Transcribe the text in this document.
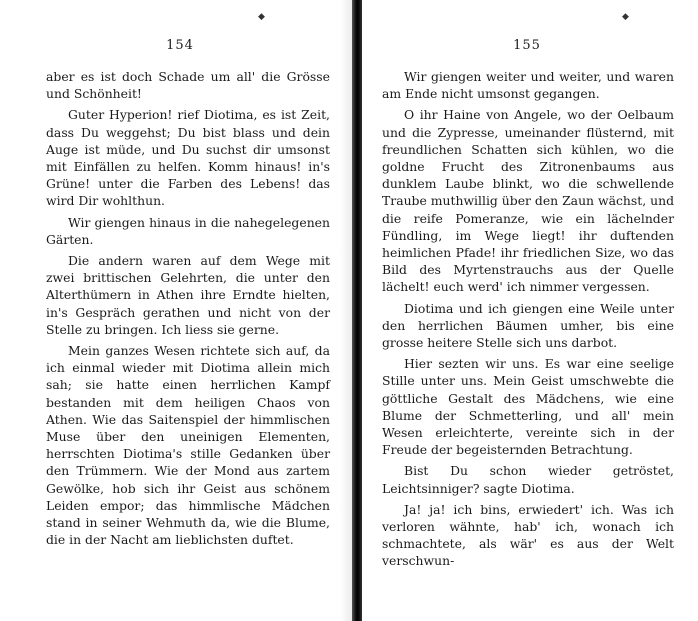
◆
154

aber es ist doch Schade um all' die Grösse und Schönheit!

Guter Hyperion! rief Diotima, es ist Zeit, dass Du weggehst; Du bist blass und dein Auge ist müde, und Du suchst dir umsonst mit Einfällen zu helfen. Komm hinaus! in's Grüne! unter die Farben des Lebens! das wird Dir wohlthun.

Wir giengen hinaus in die nahegelegenen Gärten.

Die andern waren auf dem Wege mit zwei brittischen Gelehrten, die unter den Alterthümern in Athen ihre Erndte hielten, in's Gespräch gerathen und nicht von der Stelle zu bringen. Ich liess sie gerne.

Mein ganzes Wesen richtete sich auf, da ich einmal wieder mit Diotima allein mich sah; sie hatte einen herrlichen Kampf bestanden mit dem heiligen Chaos von Athen. Wie das Saitenspiel der himmlischen Muse über den uneinigen Elementen, herrschten Diotima's stille Gedanken über den Trümmern. Wie der Mond aus zartem Gewölke, hob sich ihr Geist aus schönem Leiden empor; das himmlische Mädchen stand in seiner Wehmuth da, wie die Blume, die in der Nacht am lieblichsten duftet.

◆
155

Wir giengen weiter und weiter, und waren am Ende nicht umsonst gegangen.

O ihr Haine von Angele, wo der Oelbaum und die Zypresse, umeinander flüsternd, mit freundlichen Schatten sich kühlen, wo die goldne Frucht des Zitronenbaums aus dunklem Laube blinkt, wo die schwellende Traube muthwillig über den Zaun wächst, und die reife Pomeranze, wie ein lächelnder Fündling, im Wege liegt! ihr duftenden heimlichen Pfade! ihr friedlichen Size, wo das Bild des Myrtenstrauchs aus der Quelle lächelt! euch werd' ich nimmer vergessen.

Diotima und ich giengen eine Weile unter den herrlichen Bäumen umher, bis eine grosse heitere Stelle sich uns darbot.

Hier sezten wir uns. Es war eine seelige Stille unter uns. Mein Geist umschwebte die göttliche Gestalt des Mädchens, wie eine Blume der Schmetterling, und all' mein Wesen erleichterte, vereinte sich in der Freude der begeisternden Betrachtung.

Bist Du schon wieder getröstet, Leichtsinniger? sagte Diotima.

Ja! ja! ich bins, erwiedert' ich. Was ich verloren wähnte, hab' ich, wonach ich schmachtete, als wär' es aus der Welt verschwun-
